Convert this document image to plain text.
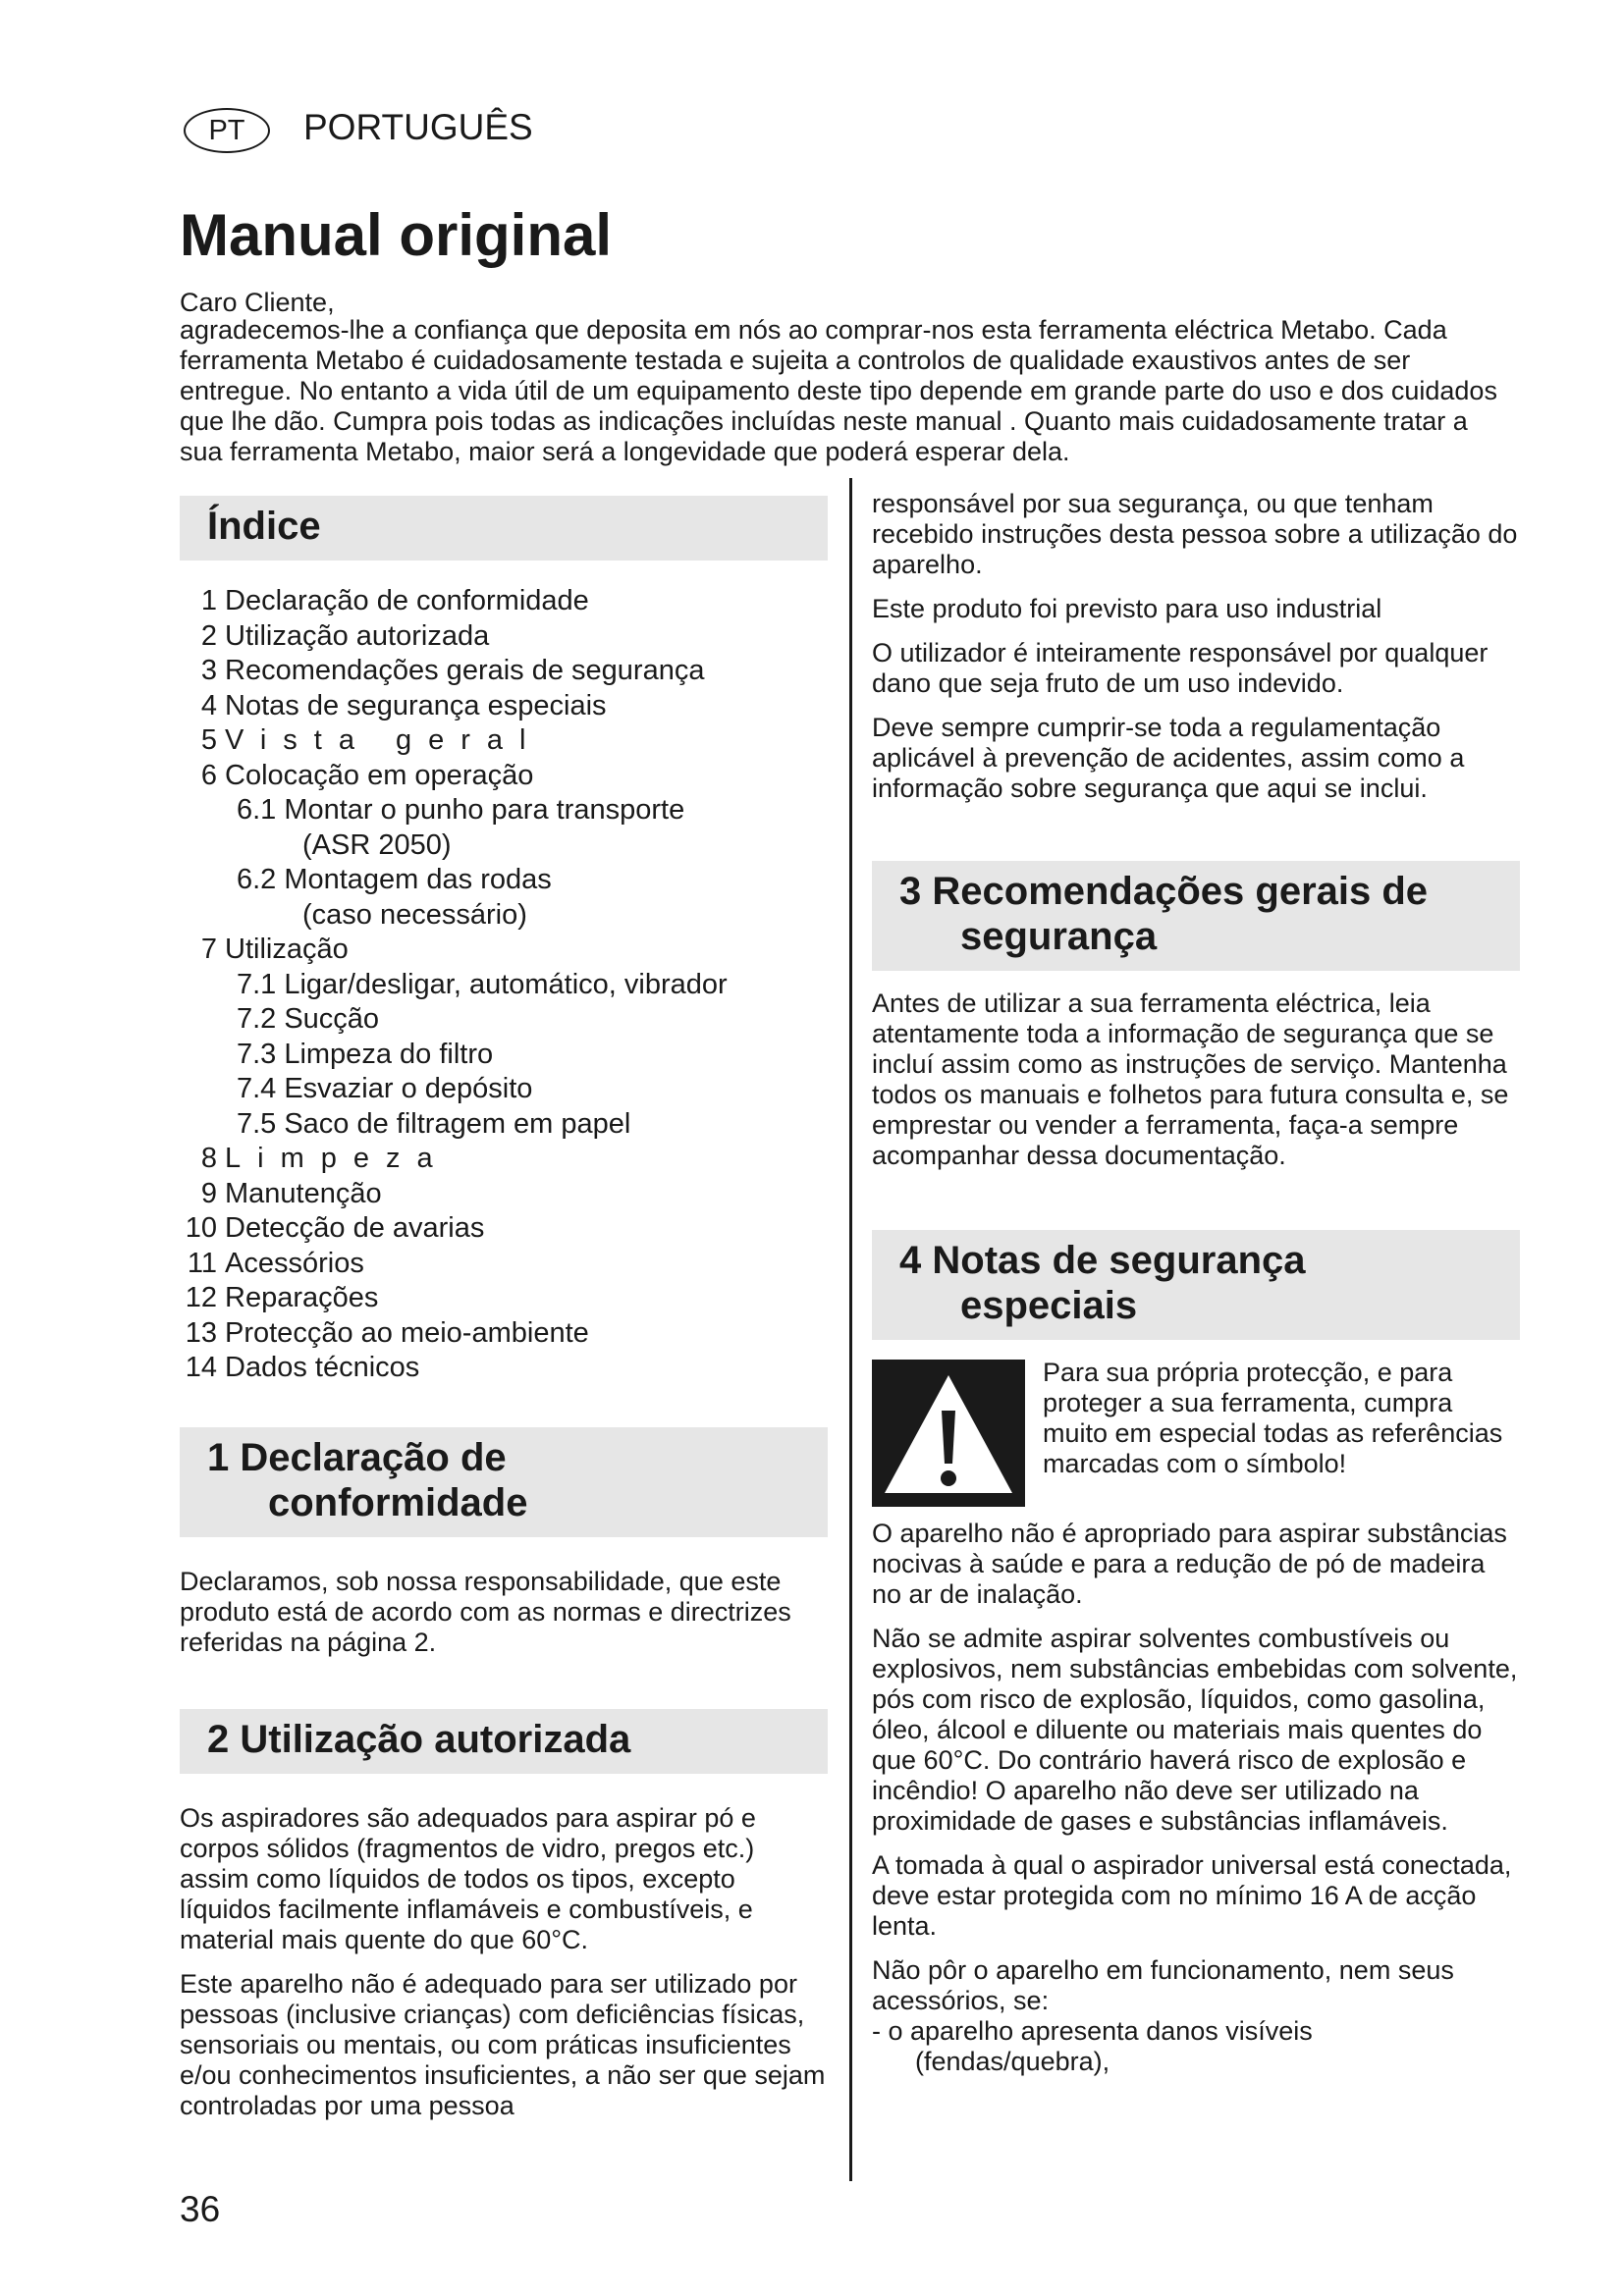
PT	PORTUGUÊS
Manual original
Caro Cliente,
agradecemos-lhe a confiança que deposita em nós ao comprar-nos esta ferramenta eléctrica Metabo. Cada ferramenta Metabo é cuidadosamente testada e sujeita a controlos de qualidade exaustivos antes de ser entregue. No entanto a vida útil de um equipamento deste tipo depende em grande parte do uso e dos cuidados que lhe dão. Cumpra pois todas as indicações incluídas neste manual . Quanto mais cuidadosamente tratar a sua ferramenta Metabo, maior será a longevidade que poderá esperar dela.
Índice
1 Declaração de conformidade
2 Utilização autorizada
3 Recomendações gerais de segurança
4 Notas de segurança especiais
5 Vista geral
6 Colocação em operação
6.1 Montar o punho para transporte
(ASR 2050)
6.2 Montagem das rodas
(caso necessário)
7 Utilização
7.1 Ligar/desligar, automático, vibrador
7.2 Sucção
7.3 Limpeza do filtro
7.4 Esvaziar o depósito
7.5 Saco de filtragem em papel
8 Limpeza
9 Manutenção
10 Detecção de avarias
11 Acessórios
12 Reparações
13 Protecção ao meio-ambiente
14 Dados técnicos
1 Declaração de
conformidade

Declaramos, sob nossa responsabilidade, que este produto está de acordo com as normas e directrizes referidas na página 2.

2 Utilização autorizada

Os aspiradores são adequados para aspirar pó e corpos sólidos (fragmentos de vidro, pregos etc.) assim como líquidos de todos os tipos, excepto líquidos facilmente inflamáveis e combustíveis, e material mais quente do que 60°C.

Este aparelho não é adequado para ser utilizado por pessoas (inclusive crianças) com deficiências físicas, sensoriais ou mentais, ou com práticas insuficientes e/ou conhecimentos insuficientes, a não ser que sejam controladas por uma pessoa

responsável por sua segurança, ou que tenham recebido instruções desta pessoa sobre a utilização do aparelho.

Este produto foi previsto para uso industrial

O utilizador é inteiramente responsável por qualquer dano que seja fruto de um uso indevido.

Deve sempre cumprir-se toda a regulamentação aplicável à prevenção de acidentes, assim como a informação sobre segurança que aqui se inclui.

3 Recomendações gerais de
segurança

Antes de utilizar a sua ferramenta eléctrica, leia atentamente toda a informação de segurança que se incluí assim como as instruções de serviço. Mantenha todos os manuais e folhetos para futura consulta e, se emprestar ou vender a ferramenta, faça-a sempre acompanhar dessa documentação.

4 Notas de segurança
especiais
Para sua própria protecção, e para proteger a sua ferramenta, cumpra muito em especial todas as referências marcadas com o símbolo!

O aparelho não é apropriado para aspirar substâncias nocivas à saúde e para a redução de pó de madeira no ar de inalação.

Não se admite aspirar solventes combustíveis ou explosivos, nem substâncias embebidas com solvente, pós com risco de explosão, líquidos, como gasolina, óleo, álcool e diluente ou materiais mais quentes do que 60°C. Do contrário haverá risco de explosão e incêndio! O aparelho não deve ser utilizado na proximidade de gases e substâncias inflamáveis.

A tomada à qual o aspirador universal está conectada, deve estar protegida com no mínimo 16 A de acção lenta.

Não pôr o aparelho em funcionamento, nem seus acessórios, se:

- o aparelho apresenta danos visíveis
(fendas/quebra),
36
